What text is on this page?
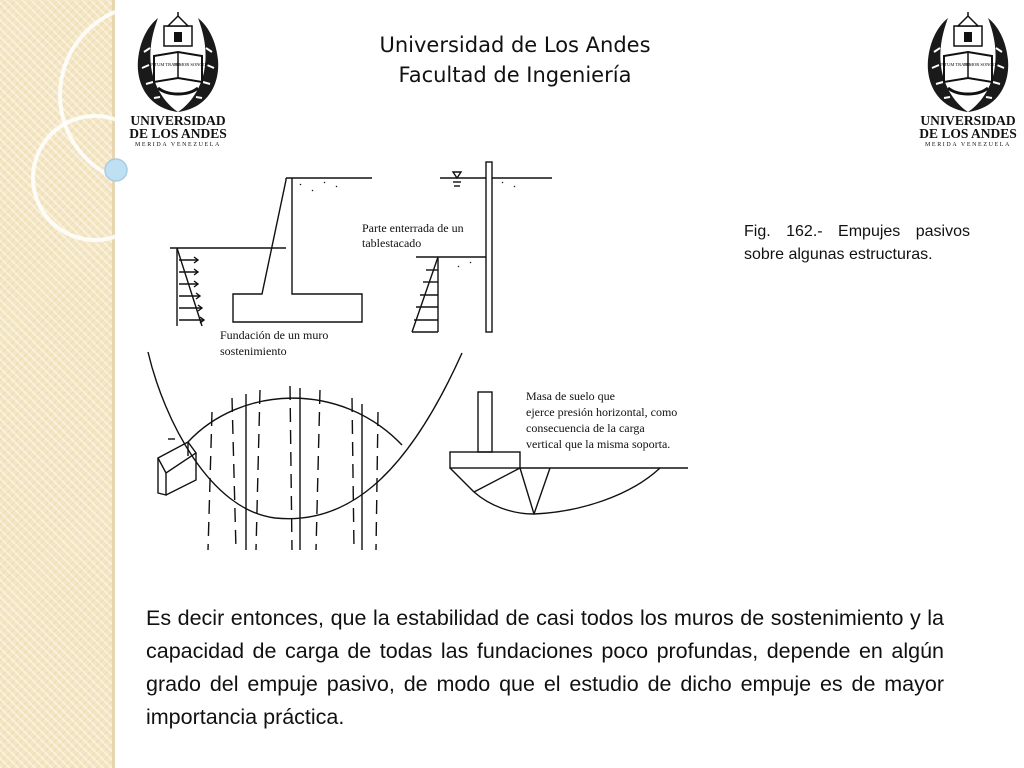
Universidad de Los Andes
Facultad de Ingeniería
INTUM TRAHE
TEMOR SONOOS
UNIVERSIDAD
DE LOS ANDES
MERIDA VENEZUELA
INTUM TRAHE
TEMOR SONOOS
UNIVERSIDAD
DE LOS ANDES
MERIDA VENEZUELA
Fundación de un muro
sostenimiento
Parte enterrada de un
tablestacado
Masa de suelo que
ejerce presión horizontal, como
consecuencia de la carga
vertical que la misma soporta.
Fig. 162.- Empujes pasivos sobre algunas estructuras.
Es decir entonces, que la estabilidad de casi todos los muros de sostenimiento y la capacidad de carga de todas las fundaciones poco profundas, depende en algún grado del empuje pasivo, de modo que el estudio de dicho empuje es de mayor importancia práctica.
